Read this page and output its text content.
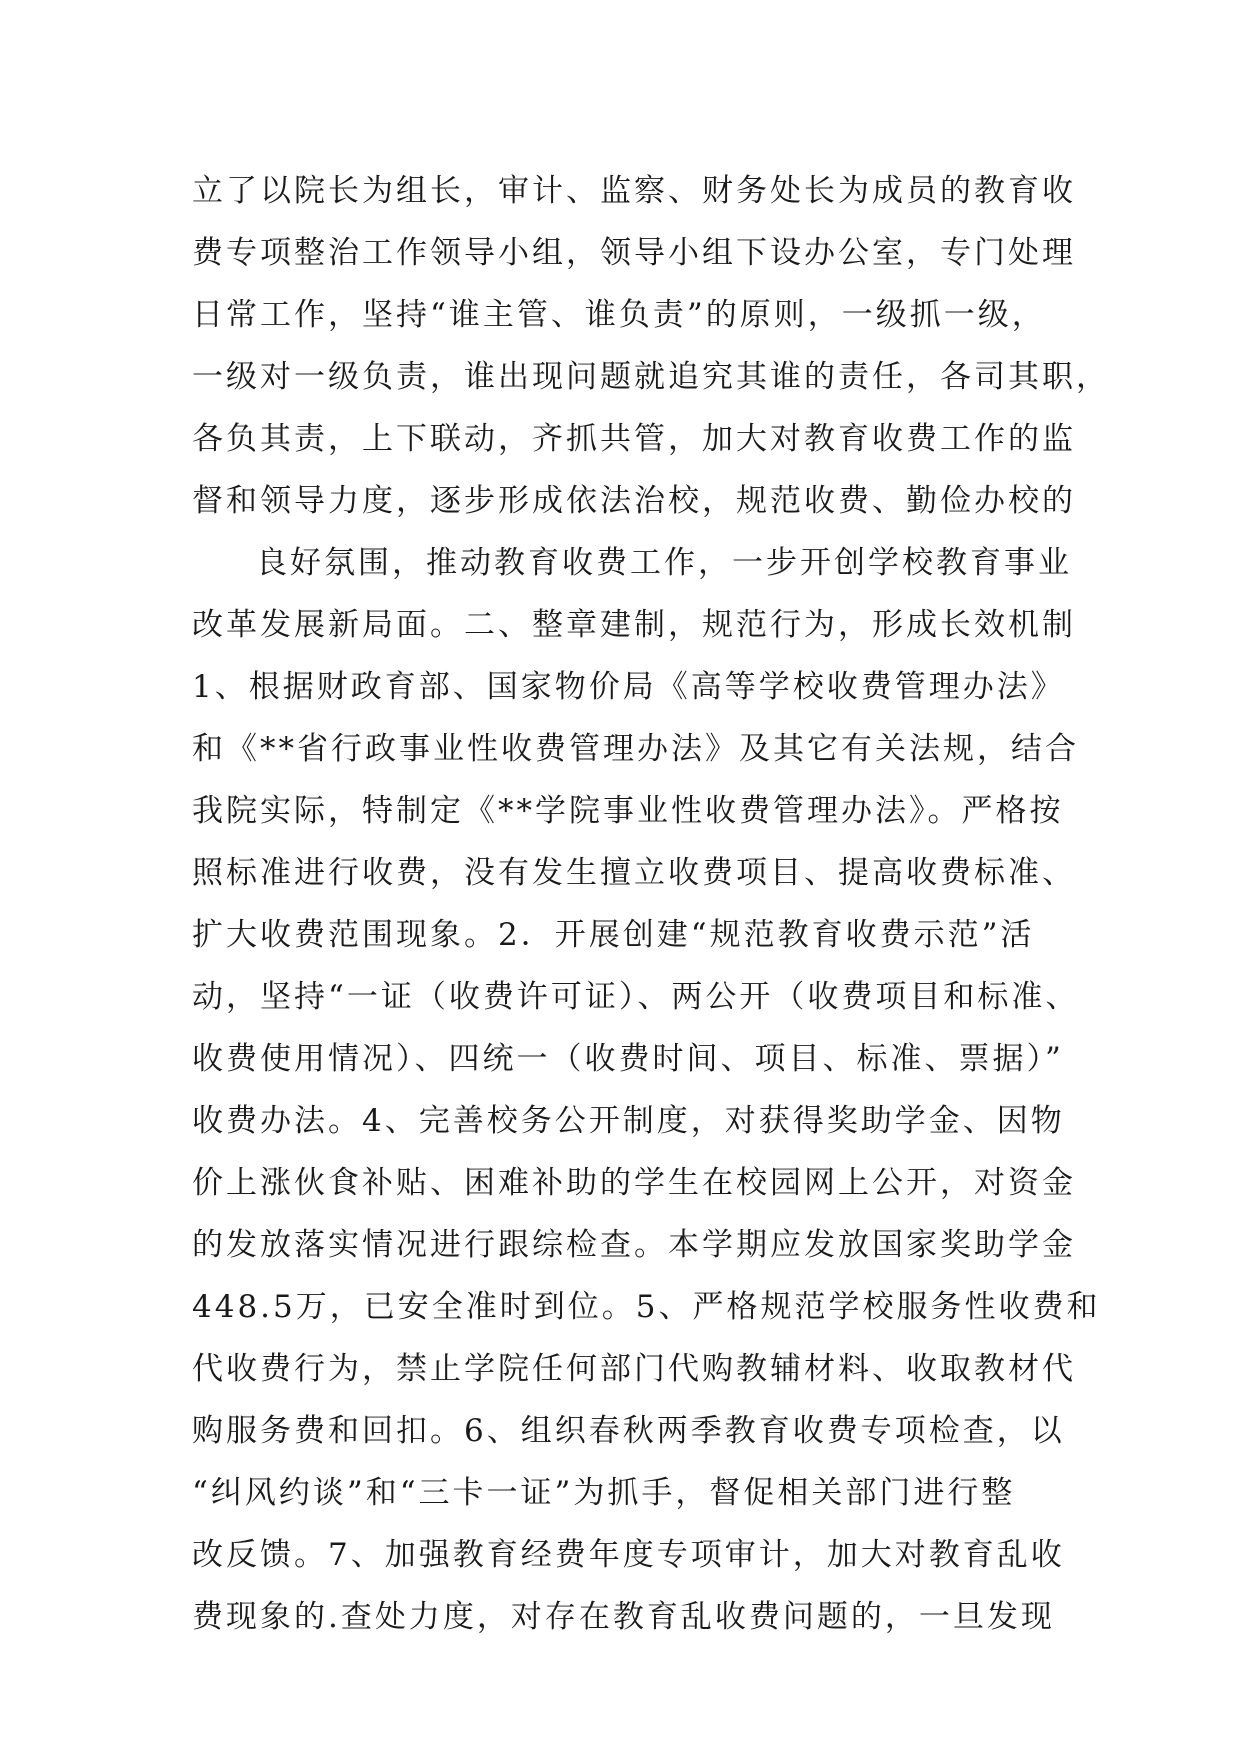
立了以院长为组长，审计、监察、财务处长为成员的教育收
费专项整治工作领导小组，领导小组下设办公室，专门处理
日常工作，坚持“谁主管、谁负责”的原则，一级抓一级，
一级对一级负责，谁出现问题就追究其谁的责任，各司其职，
各负其责，上下联动，齐抓共管，加大对教育收费工作的监
督和领导力度，逐步形成依法治校，规范收费、勤俭办校的
良好氛围，推动教育收费工作，一步开创学校教育事业
改革发展新局面。二、整章建制，规范行为，形成长效机制
1、根据财政育部、国家物价局《高等学校收费管理办法》
和《**省行政事业性收费管理办法》及其它有关法规，结合
我院实际，特制定《**学院事业性收费管理办法》。严格按
照标准进行收费，没有发生擅立收费项目、提高收费标准、
扩大收费范围现象。2．开展创建“规范教育收费示范”活
动，坚持“一证（收费许可证）、两公开（收费项目和标准、
收费使用情况）、四统一（收费时间、项目、标准、票据）”
收费办法。4、完善校务公开制度，对获得奖助学金、因物
价上涨伙食补贴、困难补助的学生在校园网上公开，对资金
的发放落实情况进行跟综检查。本学期应发放国家奖助学金
448.5万，已安全准时到位。5、严格规范学校服务性收费和
代收费行为，禁止学院任何部门代购教辅材料、收取教材代
购服务费和回扣。6、组织春秋两季教育收费专项检查，以
“纠风约谈”和“三卡一证”为抓手，督促相关部门进行整
改反馈。7、加强教育经费年度专项审计，加大对教育乱收
费现象的.查处力度，对存在教育乱收费问题的，一旦发现
